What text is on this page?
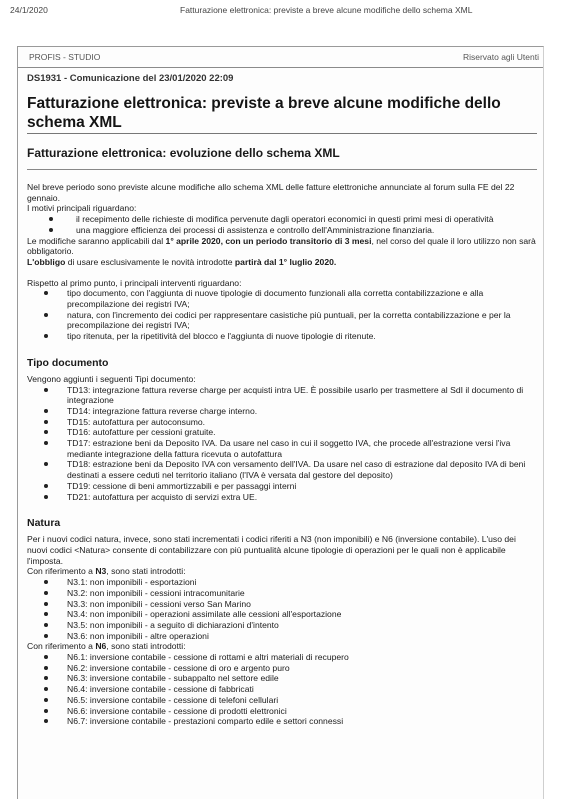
24/1/2020	Fatturazione elettronica: previste a breve alcune modifiche dello schema XML
PROFIS - STUDIO	Riservato agli Utenti
DS1931 - Comunicazione del 23/01/2020 22:09
Fatturazione elettronica: previste a breve alcune modifiche dello schema XML
Fatturazione elettronica: evoluzione dello schema XML

Nel breve periodo sono previste alcune modifiche allo schema XML delle fatture elettroniche annunciate al forum sulla FE del 22 gennaio.

I motivi principali riguardano:

il recepimento delle richieste di modifica pervenute dagli operatori economici in questi primi mesi di operatività
una maggiore efficienza dei processi di assistenza e controllo dell'Amministrazione finanziaria.

Le modifiche saranno applicabili dal 1° aprile 2020, con un periodo transitorio di 3 mesi, nel corso del quale il loro utilizzo non sarà obbligatorio.

L'obbligo di usare esclusivamente le novità introdotte partirà dal 1° luglio 2020.

Rispetto al primo punto, i principali interventi riguardano:

tipo documento, con l'aggiunta di nuove tipologie di documento funzionali alla corretta contabilizzazione e alla precompilazione dei registri IVA;
natura, con l'incremento dei codici per rappresentare casistiche più puntuali, per la corretta contabilizzazione e per la precompilazione dei registri IVA;
tipo ritenuta, per la ripetitività del blocco e l'aggiunta di nuove tipologie di ritenute.
Tipo documento

Vengono aggiunti i seguenti Tipi documento:

TD13: integrazione fattura reverse charge per acquisti intra UE. È possibile usarlo per trasmettere al SdI il documento di integrazione
TD14: integrazione fattura reverse charge interno.
TD15: autofattura per autoconsumo.
TD16: autofatture per cessioni gratuite.
TD17: estrazione beni da Deposito IVA. Da usare nel caso in cui il soggetto IVA, che procede all'estrazione versi l'iva mediante integrazione della fattura ricevuta o autofattura
TD18: estrazione beni da Deposito IVA con versamento dell'IVA. Da usare nel caso di estrazione dal deposito IVA di beni destinati a essere ceduti nel territorio italiano (l'IVA è versata dal gestore del deposito)
TD19: cessione di beni ammortizzabili e per passaggi interni
TD21: autofattura per acquisto di servizi extra UE.
Natura

Per i nuovi codici natura, invece, sono stati incrementati i codici riferiti a N3 (non imponibili) e N6 (inversione contabile). L'uso dei nuovi codici <Natura> consente di contabilizzare con più puntualità alcune tipologie di operazioni per le quali non è applicabile l'imposta.

Con riferimento a N3, sono stati introdotti:

N3.1: non imponibili - esportazioni
N3.2: non imponibili - cessioni intracomunitarie
N3.3: non imponibili - cessioni verso San Marino
N3.4: non imponibili - operazioni assimilate alle cessioni all'esportazione
N3.5: non imponibili - a seguito di dichiarazioni d'intento
N3.6: non imponibili - altre operazioni

Con riferimento a N6, sono stati introdotti:

N6.1: inversione contabile - cessione di rottami e altri materiali di recupero
N6.2: inversione contabile - cessione di oro e argento puro
N6.3: inversione contabile - subappalto nel settore edile
N6.4: inversione contabile - cessione di fabbricati
N6.5: inversione contabile - cessione di telefoni cellulari
N6.6: inversione contabile - cessione di prodotti elettronici
N6.7: inversione contabile - prestazioni comparto edile e settori connessi
